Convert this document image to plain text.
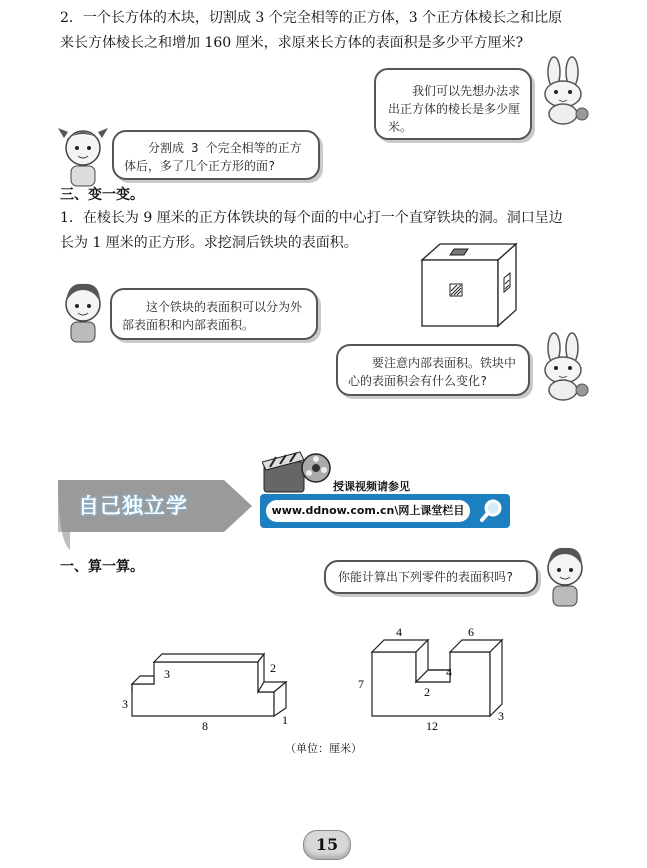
2．一个长方体的木块，切割成 3 个完全相等的正方体，3 个正方体棱长之和比原
来长方体棱长之和增加 160 厘米，求原来长方体的表面积是多少平方厘米?
我们可以先想办法求出正方体的棱长是多少厘米。
分割成 3 个完全相等的正方体后，多了几个正方形的面?
三、变一变。
1．在棱长为 9 厘米的正方体铁块的每个面的中心打一个直穿铁块的洞。洞口呈边
长为 1 厘米的正方形。求挖洞后铁块的表面积。
这个铁块的表面积可以分为外部表面积和内部表面积。
要注意内部表面积。铁块中心的表面积会有什么变化?
自己独立学
授课视频请参见
www.ddnow.com.cn\网上课堂栏目
一、算一算。
你能计算出下列零件的表面积吗?
3	2
3
8	1
4	6
7
4
2
12
3
（单位：厘米）
15
